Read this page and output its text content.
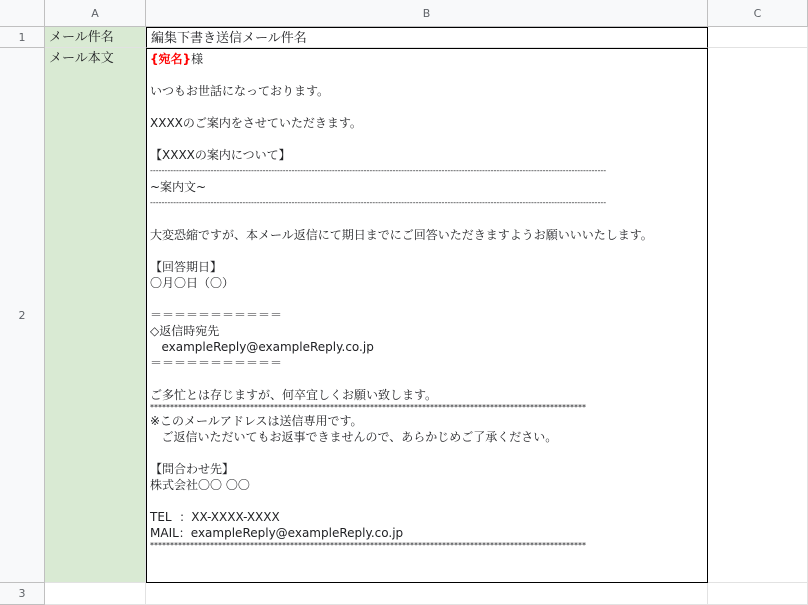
A	B	C
1
2
3
メール件名	編集下書き送信メール件名
メール本文	{宛名}様
いつもお世話になっております。
XXXXのご案内をさせていただきます。
【XXXXの案内について】
--------------------------------------------------------------------------------------------------------------------------------------------------------------
~案内文~
--------------------------------------------------------------------------------------------------------------------------------------------------------------
大変恐縮ですが、本メール返信にて期日までにご回答いただきますようお願いいいたします。
【回答期日】
〇月〇日（〇）
＝＝＝＝＝＝＝＝＝＝＝
◇返信時宛先
exampleReply@exampleReply.co.jp
＝＝＝＝＝＝＝＝＝＝＝
ご多忙とは存じますが、何卒宜しくお願い致します。
*************************************************************************************************************
※このメールアドレスは送信専用です。
ご返信いただいてもお返事できませんので、あらかじめご了承ください。
【問合わせ先】
株式会社〇〇 〇〇
TEL  ：XX-XXXX-XXXX
MAIL：exampleReply@exampleReply.co.jp
*************************************************************************************************************
